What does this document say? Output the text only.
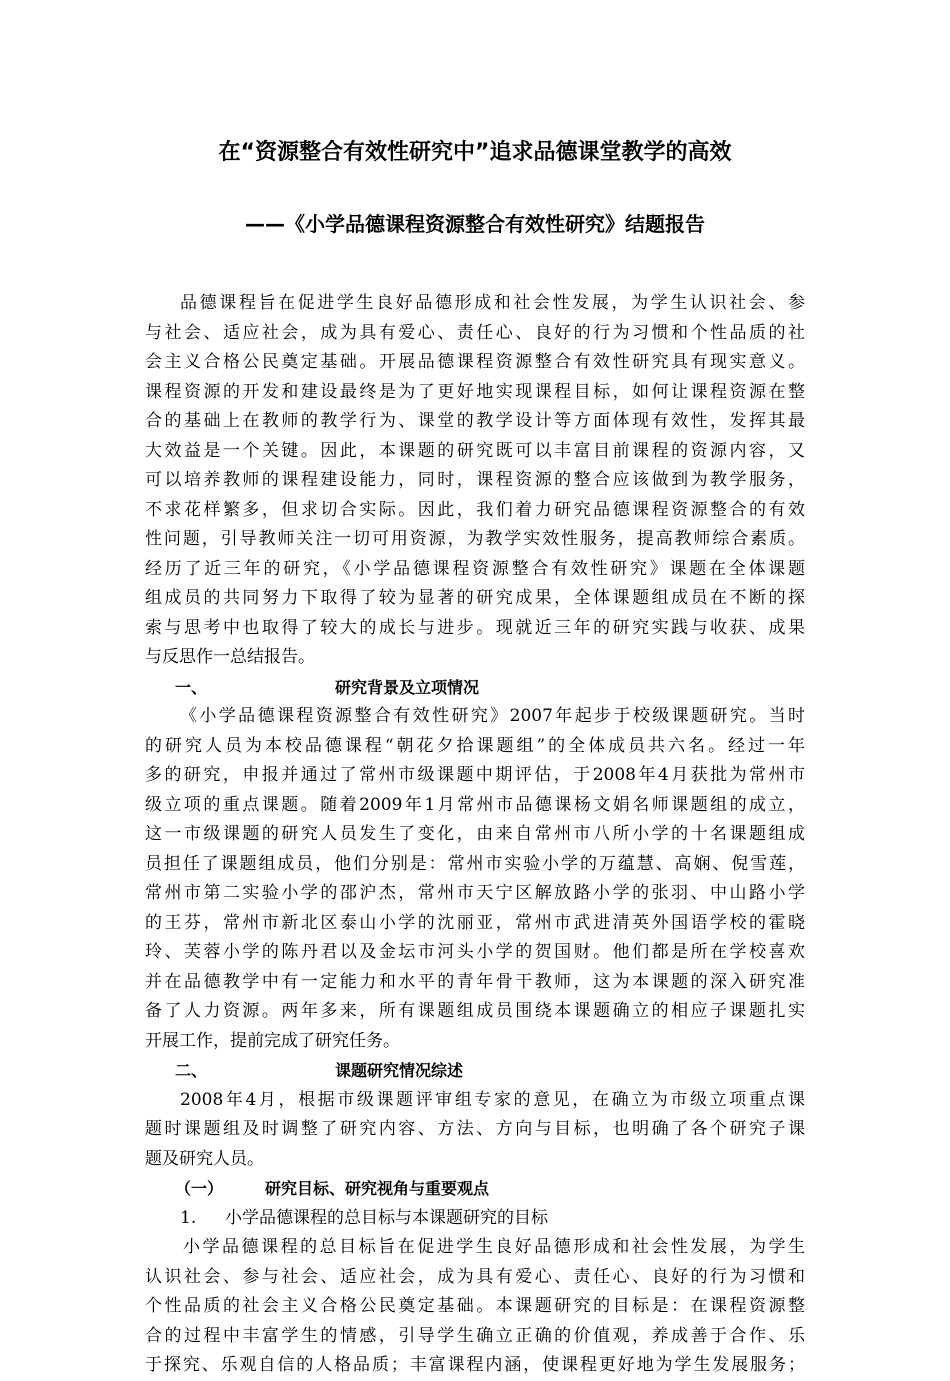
在“资源整合有效性研究中”追求品德课堂教学的高效
——《小学品德课程资源整合有效性研究》结题报告
品德课程旨在促进学生良好品德形成和社会性发展，为学生认识社会、参
与社会、适应社会，成为具有爱心、责任心、良好的行为习惯和个性品质的社
会主义合格公民奠定基础。开展品德课程资源整合有效性研究具有现实意义。
课程资源的开发和建设最终是为了更好地实现课程目标，如何让课程资源在整
合的基础上在教师的教学行为、课堂的教学设计等方面体现有效性，发挥其最
大效益是一个关键。因此，本课题的研究既可以丰富目前课程的资源内容，又
可以培养教师的课程建设能力，同时，课程资源的整合应该做到为教学服务，
不求花样繁多，但求切合实际。因此，我们着力研究品德课程资源整合的有效
性问题，引导教师关注一切可用资源，为教学实效性服务，提高教师综合素质。
经历了近三年的研究，《小学品德课程资源整合有效性研究》课题在全体课题
组成员的共同努力下取得了较为显著的研究成果，全体课题组成员在不断的探
索与思考中也取得了较大的成长与进步。现就近三年的研究实践与收获、成果
与反思作一总结报告。
一、	研究背景及立项情况
《小学品德课程资源整合有效性研究》2007年起步于校级课题研究。当时
的研究人员为本校品德课程“朝花夕拾课题组”的全体成员共六名。经过一年
多的研究，申报并通过了常州市级课题中期评估，于2008年4月获批为常州市
级立项的重点课题。随着2009年1月常州市品德课杨文娟名师课题组的成立，
这一市级课题的研究人员发生了变化，由来自常州市八所小学的十名课题组成
员担任了课题组成员，他们分别是：常州市实验小学的万蕴慧、高娴、倪雪莲，
常州市第二实验小学的邵沪杰，常州市天宁区解放路小学的张羽、中山路小学
的王芬，常州市新北区泰山小学的沈丽亚，常州市武进清英外国语学校的霍晓
玲、芙蓉小学的陈丹君以及金坛市河头小学的贺国财。他们都是所在学校喜欢
并在品德教学中有一定能力和水平的青年骨干教师，这为本课题的深入研究准
备了人力资源。两年多来，所有课题组成员围绕本课题确立的相应子课题扎实
开展工作，提前完成了研究任务。
二、	课题研究情况综述
2008年4月，根据市级课题评审组专家的意见，在确立为市级立项重点课
题时课题组及时调整了研究内容、方法、方向与目标，也明确了各个研究子课
题及研究人员。
（一）	研究目标、研究视角与重要观点
1. 小学品德课程的总目标与本课题研究的目标
小学品德课程的总目标旨在促进学生良好品德形成和社会性发展，为学生
认识社会、参与社会、适应社会，成为具有爱心、责任心、良好的行为习惯和
个性品质的社会主义合格公民奠定基础。本课题研究的目标是：在课程资源整
合的过程中丰富学生的情感，引导学生确立正确的价值观，养成善于合作、乐
于探究、乐观自信的人格品质；丰富课程内涵，使课程更好地为学生发展服务；
